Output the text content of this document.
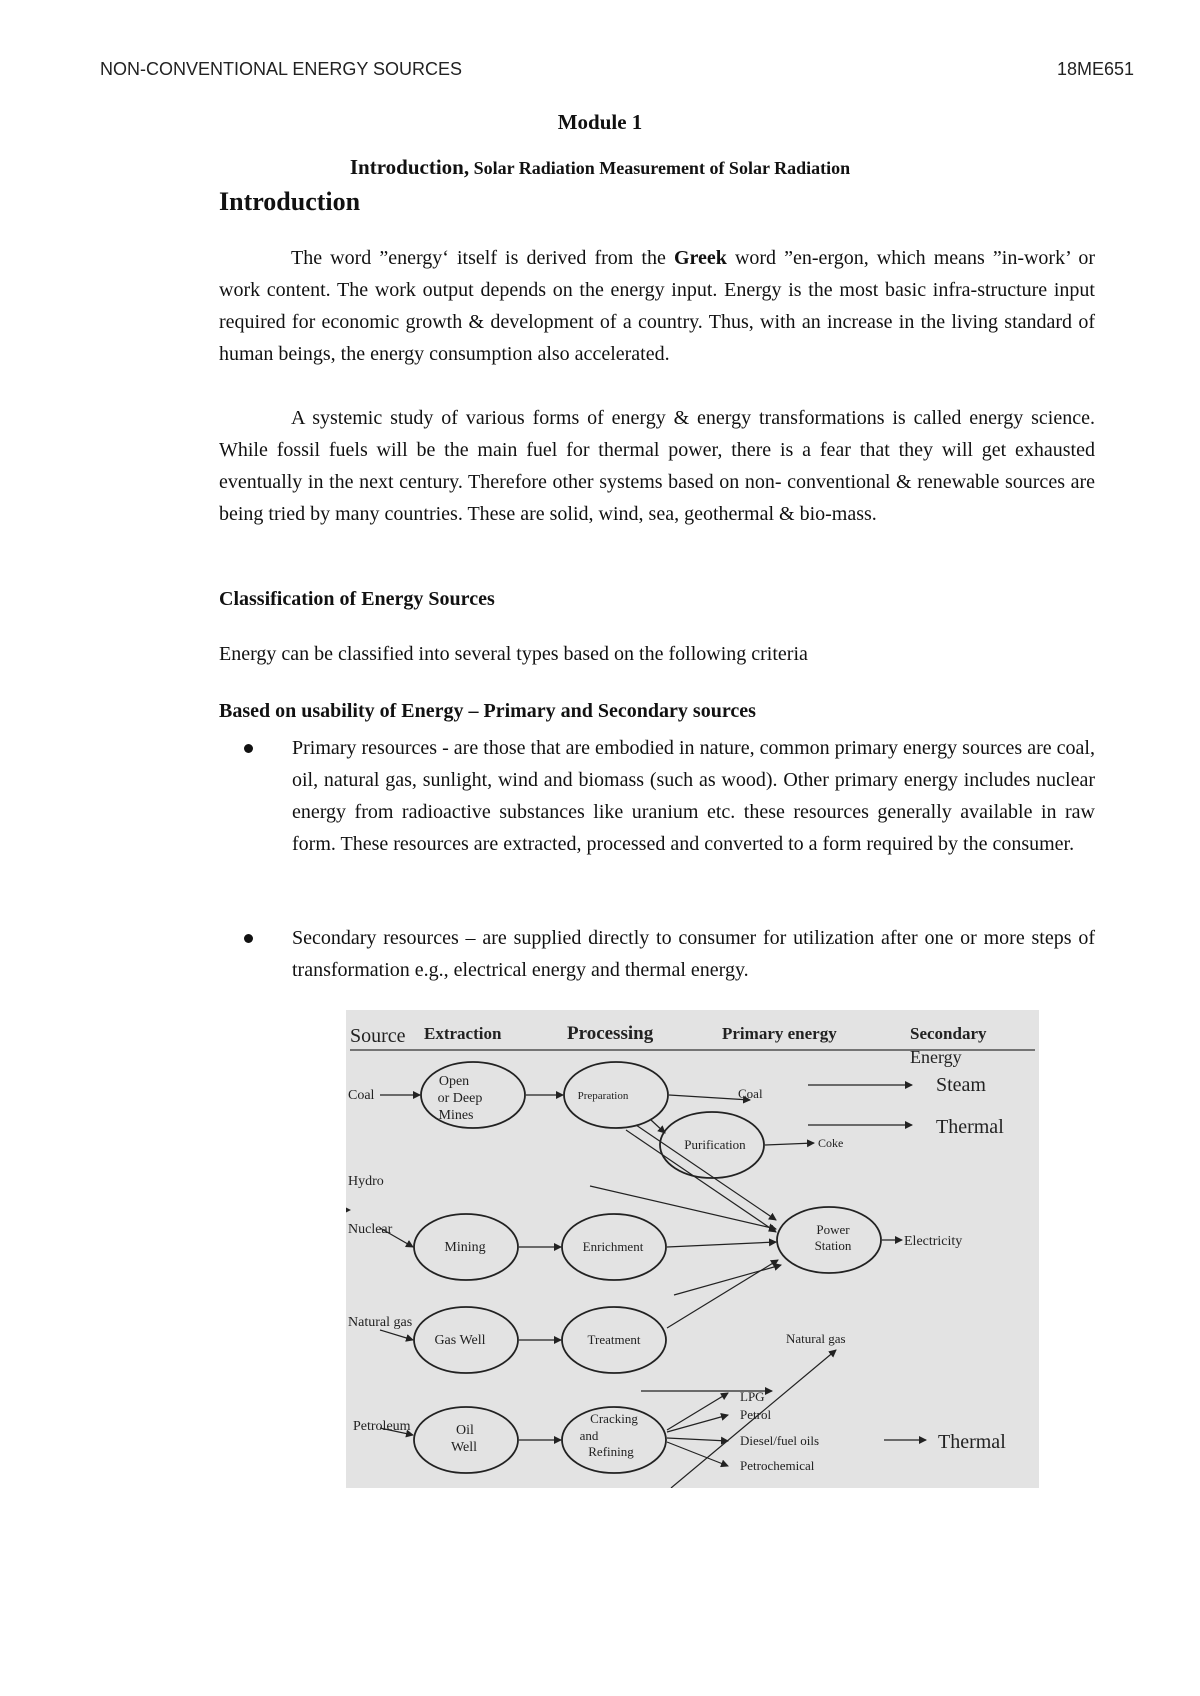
NON-CONVENTIONAL ENERGY SOURCES	18ME651
Module 1
Introduction, Solar Radiation Measurement of Solar Radiation
Introduction

The word ”energy‘ itself is derived from the Greek word ”en-ergon, which means ”in-work’ or work content. The work output depends on the energy input. Energy is the most basic infra-structure input required for economic growth & development of a country. Thus, with an increase in the living standard of human beings, the energy consumption also accelerated.

A systemic study of various forms of energy & energy transformations is called energy science. While fossil fuels will be the main fuel for thermal power, there is a fear that they will get exhausted eventually in the next century. Therefore other systems based on non- conventional & renewable sources are being tried by many countries. These are solid, wind, sea, geothermal & bio-mass.

Classification of Energy Sources
Energy can be classified into several types based on the following criteria
Based on usability of Energy – Primary and Secondary sources
Primary resources - are those that are embodied in nature, common primary energy sources are coal, oil, natural gas, sunlight, wind and biomass (such as wood). Other primary energy includes nuclear energy from radioactive substances like uranium etc. these resources generally available in raw form. These resources are extracted, processed and converted to a form required by the consumer.
Secondary resources – are supplied directly to consumer for utilization after one or more steps of transformation e.g., electrical energy and thermal energy.
Source Extraction	Processing	Primary energy	Secondary
Energy
Coal
Hydro
Nuclear
Natural gas
Petroleum
Open
or Deep
Mines
Preparation
Purification
Mining	Enrichment
Gas Well	Treatment
Oil
Well
Cracking
and
Refining
Power
Station
Coal
Coke
Electricity
Natural gas
LPG
Petrol
Diesel/fuel oils
Petrochemical
Steam
Thermal
Thermal
